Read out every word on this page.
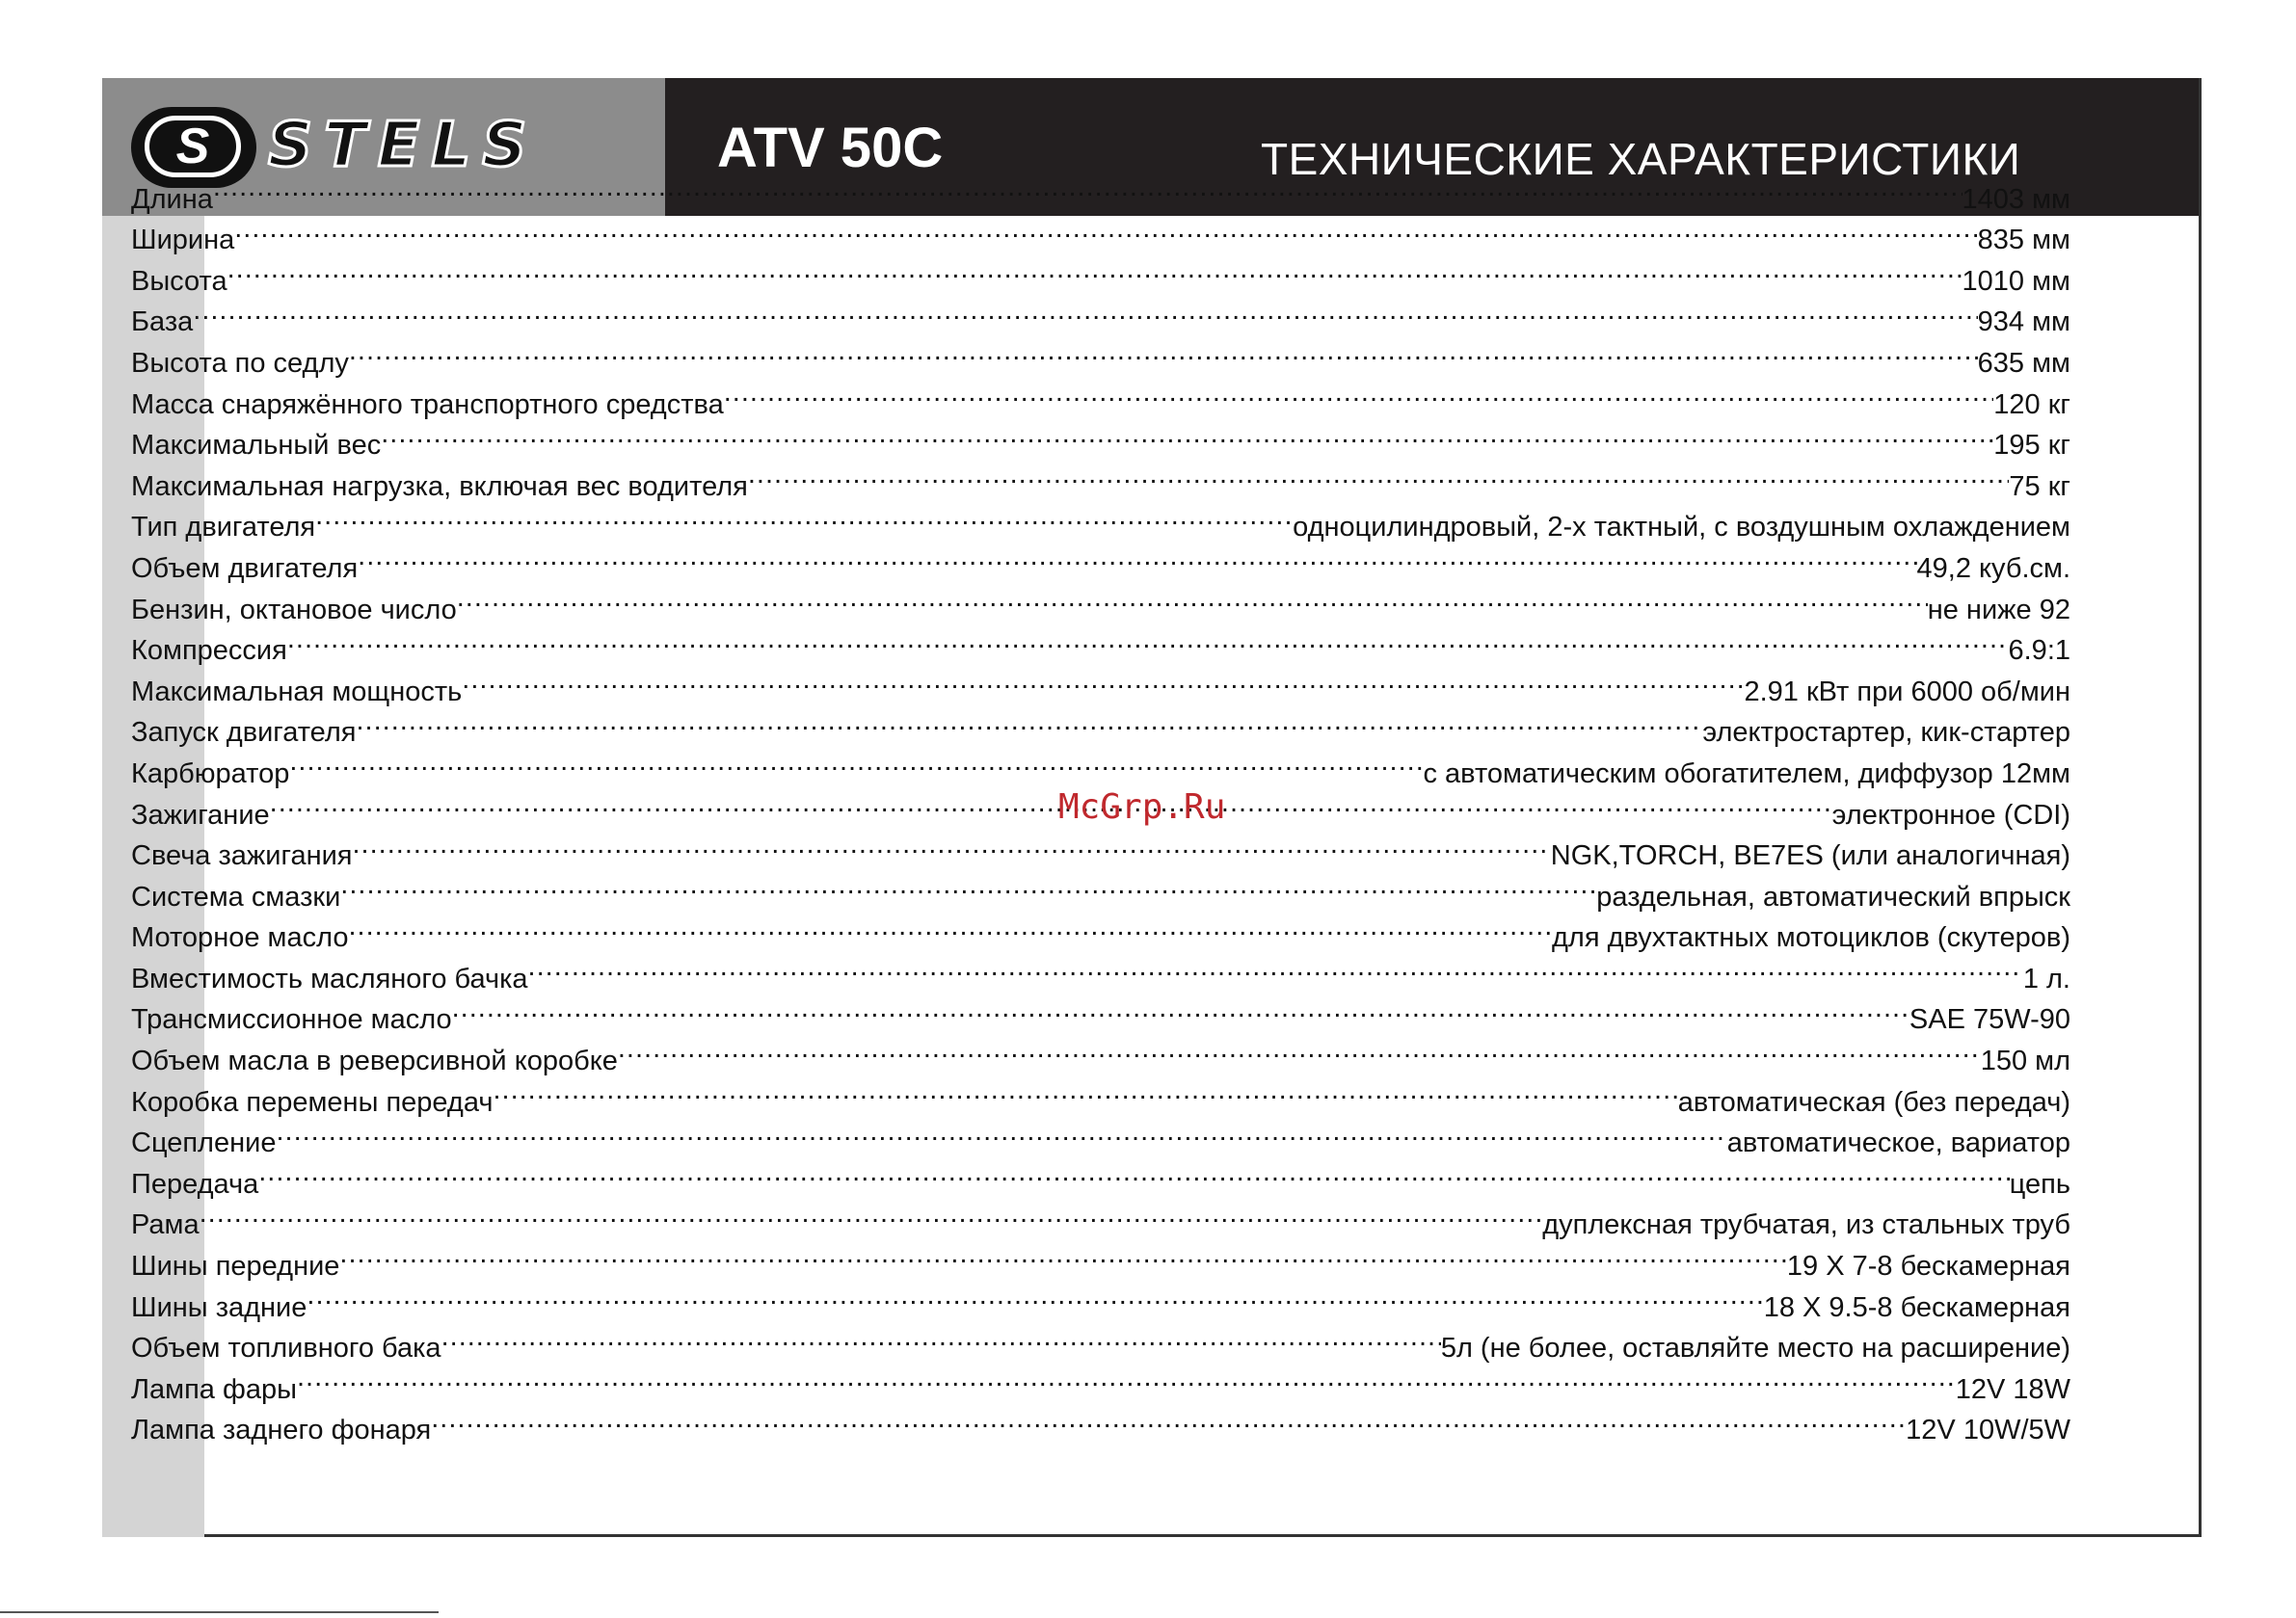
S STELS	ATV 50C	ТЕХНИЧЕСКИЕ ХАРАКТЕРИСТИКИ
Длина .....	1403 мм
Ширина .....	835 мм
Высота .....	1010 мм
База .....	934 мм
Высота по седлу .....	635 мм
Масса снаряжённого транспортного средства .....	120 кг
Максимальный вес .....	195 кг
Максимальная нагрузка, включая вес водителя .....	75 кг
Тип двигателя .....	одноцилиндровый, 2-х тактный, с воздушным охлаждением
Объем двигателя .....	49,2 куб.см.
Бензин, октановое число .....	не ниже 92
Компрессия .....	6.9:1
Максимальная мощность .....	2.91 кВт при 6000 об/мин
Запуск двигателя .....	электростартер, кик-стартер
Карбюратор .....	с автоматическим обогатителем, диффузор 12мм
Зажигание .....	электронное (CDI)
Свеча зажигания .....	NGK,TORCH, BE7ES (или аналогичная)
Система смазки .....	раздельная, автоматический впрыск
Моторное масло .....	для двухтактных мотоциклов (скутеров)
Вместимость масляного бачка .....	1 л.
Трансмиссионное масло .....	SAE 75W-90
Объем масла в реверсивной коробке .....	150 мл
Коробка перемены передач .....	автоматическая (без передач)
Сцепление .....	автоматическое, вариатор
Передача .....	цепь
Рама .....	дуплексная трубчатая, из стальных труб
Шины передние .....	19 X 7-8 бескамерная
Шины задние .....	18 X 9.5-8 бескамерная
Объем топливного бака .....	5л (не более, оставляйте место на расширение)
Лампа фары .....	12V 18W
Лампа заднего фонаря .....	12V 10W/5W
McGrp.Ru
